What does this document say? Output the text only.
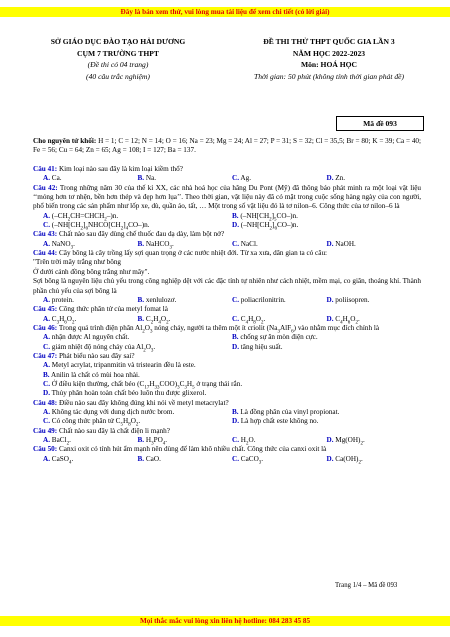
Đây là bản xem thử, vui lòng mua tài liệu để xem chi tiết (có lời giải)
SỞ GIÁO DỤC ĐÀO TẠO HẢI DƯƠNG
CỤM 7 TRƯỜNG THPT
(Đề thi có 04 trang)
(40 câu trắc nghiệm)
ĐỀ THI THỬ THPT QUỐC GIA LẦN 3
NĂM HỌC 2022-2023
Môn: HOÁ HỌC
Thời gian: 50 phút (không tính thời gian phát đề)
Mã đề 093

Cho nguyên tử khối: H = 1; C = 12; N = 14; O = 16; Na = 23; Mg = 24; Al = 27; P = 31; S = 32; Cl = 35,5; Br = 80; K = 39; Ca = 40; Fe = 56; Cu = 64; Zn = 65; Ag = 108; I = 127; Ba = 137.

Câu 41: Kim loại nào sau đây là kim loại kiềm thổ?

A. Ca.	B. Na.	C. Ag.	D. Zn.

Câu 42: Trong những năm 30 của thế kỉ XX, các nhà hoá học của hãng Du Pont (Mỹ) đã thông báo phát minh ra một loại vật liệu ‘‘mỏng hơn tơ nhện, bền hơn thép và đẹp hơn lụa’’. Theo thời gian, vật liệu này đã có mặt trong cuộc sống hàng ngày của con người, phổ biến trong các sản phẩm như lốp xe, dù, quần áo, tất, … Một trong số vật liệu đó là tơ nilon–6. Công thức của tơ nilon–6 là

A. $(-CH_2CH=CHCH_2-)n$.	B. $(-NH[CH_2]_5CO-)n$.
C. $(-NH[CH_2]_6NHCO[CH_2]_4CO-)n$.	D. $(-NH[CH_2]_6CO-)n$.

Câu 43: Chất nào sau đây dùng chế thuốc đau dạ dày, làm bột nở?

A. NaNO$_3$.	B. NaHCO$_3$.	C. NaCl.	D. NaOH.

Câu 44: Cây bông là cây trồng lấy sợi quan trọng ở các nước nhiệt đới. Từ xa xưa, dân gian ta có câu:

"Trên trời mây trắng như bông

Ở dưới cánh đồng bông trắng như mây".

Sợi bông là nguyên liệu chủ yếu trong công nghiệp dệt với các đặc tính tự nhiên như cách nhiệt, mềm mại, co giãn, thoáng khí. Thành phần chủ yếu của sợi bông là

A. protein.	B. xenlulozơ.	C. poliacrilonitrin.	D. poliisopren.

Câu 45: Công thức phân tử của metyl fomat là

A. $C_3H_6O_2$.	B. $C_2H_4O_2$.	C. $C_4H_8O_2$.	D. $C_4H_6O_2$.

Câu 46: Trong quá trình điện phân $Al_2O_3$ nóng chảy, người ta thêm một ít criolit $(Na_3AlF_6)$ vào nhằm mục đích chính là

A. nhận được Al nguyên chất.	B. chống sự ăn mòn điện cực.
C. giảm nhiệt độ nóng chảy của $Al_2O_3$.	D. tăng hiệu suất.

Câu 47: Phát biểu nào sau đây sai?

A. Metyl acrylat, tripanmitin và tristearin đều là este.
B. Anilin là chất có mùi hoa nhài.
C. Ở điều kiện thường, chất béo $(C_{17}H_{33}COO)_3C_3H_5$ ở trạng thái rắn.
D. Thủy phân hoàn toàn chất béo luôn thu được glixerol.

Câu 48: Điều nào sau đây không đúng khi nói về metyl metacrylat?

A. Không tác dụng với dung dịch nước brom.	B. Là đồng phân của vinyl propionat.
C. Có công thức phân tử $C_5H_8O_2$.	D. Là hợp chất este không no.

Câu 49: Chất nào sau đây là chất điện li mạnh?

A. BaCl$_2$.	B. $H_3PO_4$.	C. $H_2O$.	D. $Mg(OH)_2$.

Câu 50: Canxi oxit có tính hút ẩm mạnh nên dùng để làm khô nhiều chất. Công thức của canxi oxit là

A. CaSO$_4$.	B. CaO.	C. CaCO$_3$.	D. $Ca(OH)_2$.
Trang 1/4 – Mã đề 093
Mọi thắc mắc vui lòng xin liên hệ hotline: 084 283 45 85
